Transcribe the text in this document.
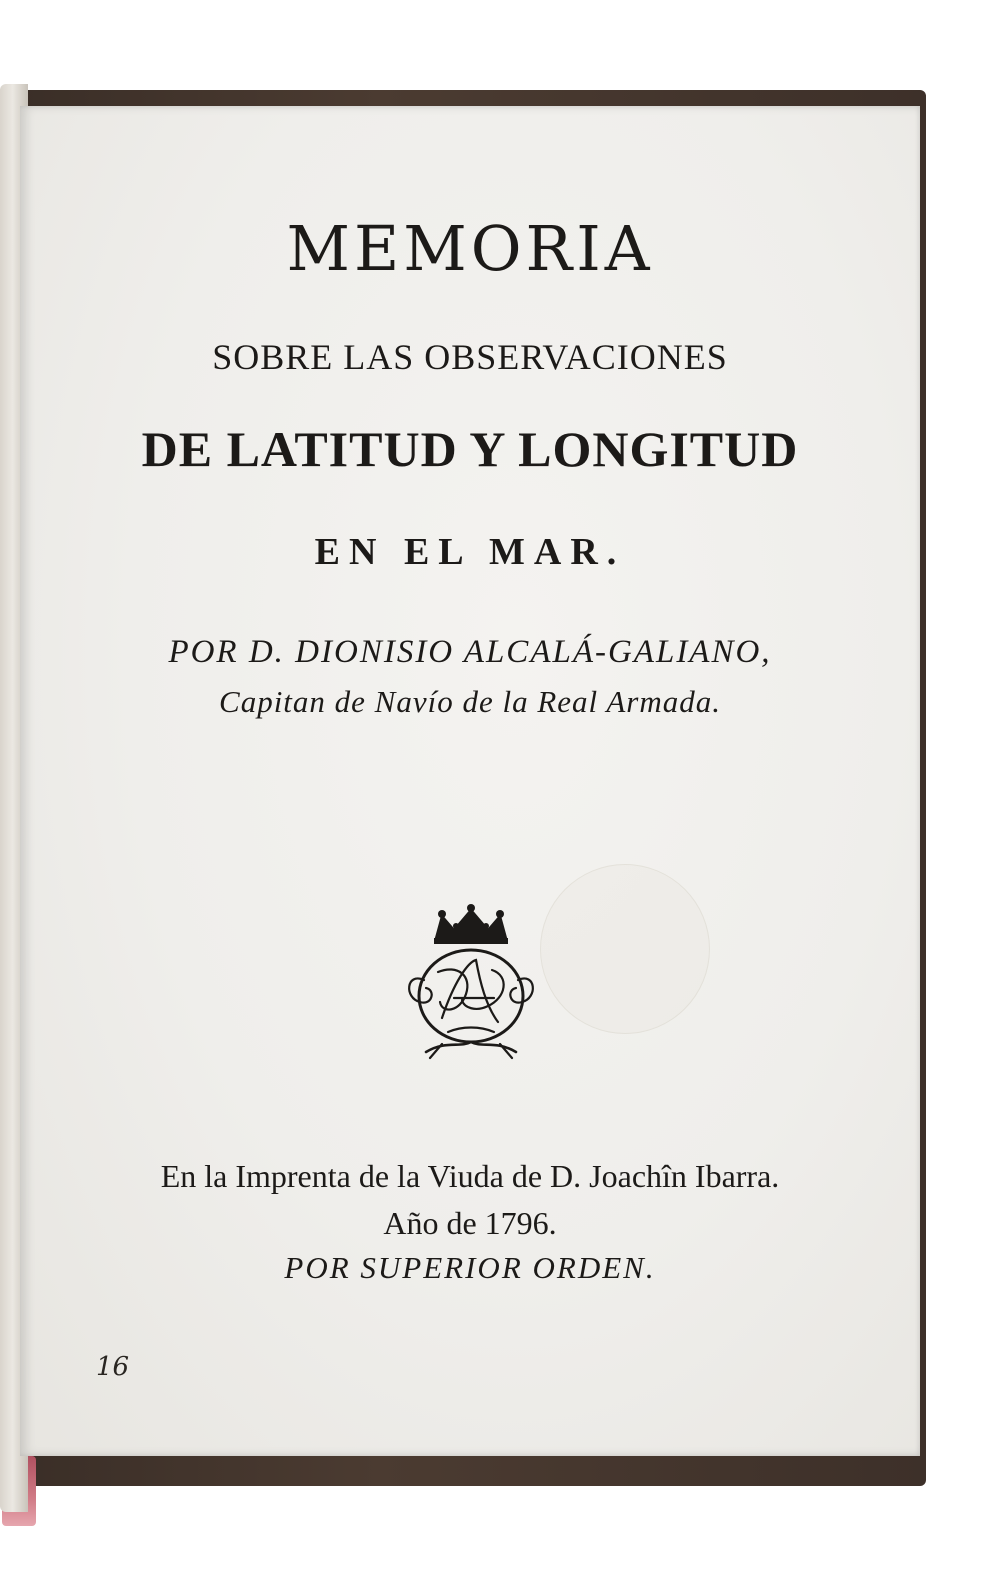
MEMORIA
SOBRE LAS OBSERVACIONES
DE LATITUD Y LONGITUD
EN EL MAR.
POR D. DIONISIO ALCALÁ-GALIANO,
Capitan de Navío de la Real Armada.
En la Imprenta de la Viuda de D. Joachîn Ibarra.
Año de 1796.
POR SUPERIOR ORDEN.
16
